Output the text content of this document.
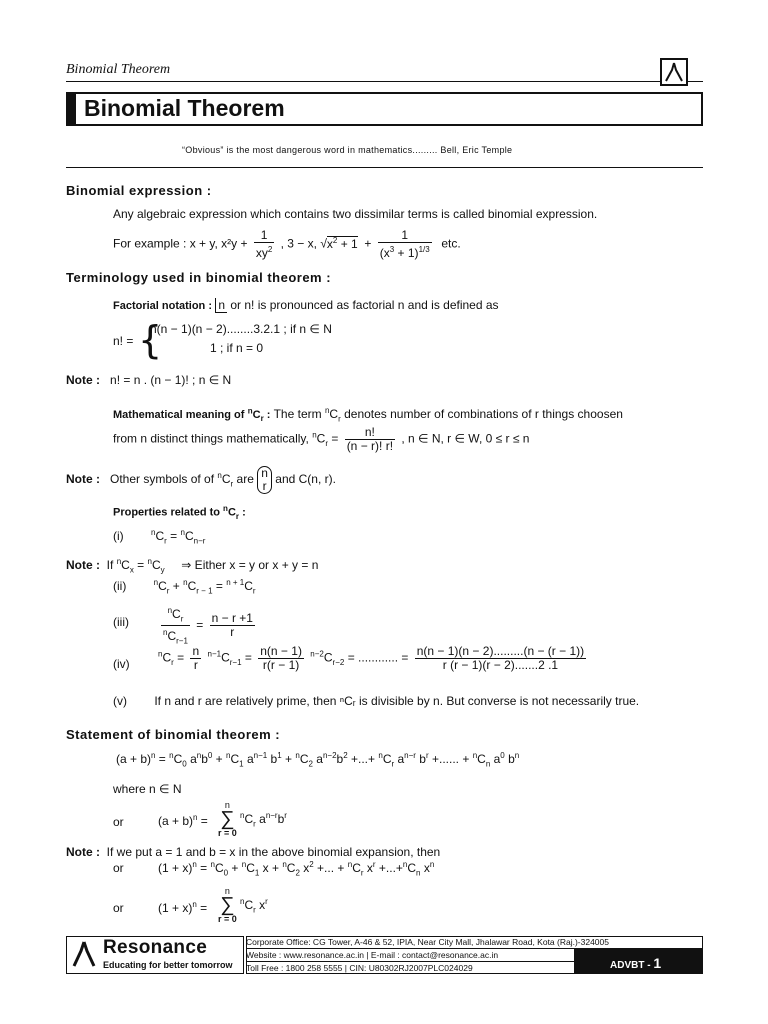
Binomial Theorem
Binomial Theorem
“Obvious” is the most dangerous word in mathematics......... Bell, Eric Temple
Binomial expression :
Any algebraic expression which contains two dissimilar terms is called binomial expression.
For example : x + y, $x^2y + \frac{1}{xy^2}$ , 3 − x, $√x^2 + 1 + \frac{1}{(x^3 + 1)^{1/3}}$ etc.
Terminology used in binomial theorem :
Factorial notation : n or n! is pronounced as factorial n and is defined as
n! = {
n(n − 1)(n − 2)........3.2.1 ; if n ∈ N
1 ; if n = 0
Note : n! = n . (n − 1)! ; n ∈ N
Mathematical meaning of $^nC_r$ : The term $^nC_r$ denotes number of combinations of r things choosen
from n distinct things mathematically, $^nC_r = \frac{n!}{(n - r)! r!}$ , n ∈ N, r ∈ W, 0 ≤ r ≤ n
Note : Other symbols of of $^nC_r$ are n
r and C(n, r).
Properties related to $^nC_r$ :
(i)	$^nC_r = ^nC_{n-r}$
Note : If $^nC_x = ^nC_y$ ⇒ Either x = y or x + y = n
(ii)	$^nC_r + ^nC_{r - 1} = ^{n + 1}C_r$
(iii)	$\frac{^nC_r}{^nC_{r-1}} = \frac{n - r +1}{r}$
(iv)
$^nC_r = \frac{n}{r} ^{n-1}C_{r-1} = \frac{n(n - 1)}{r(r - 1)} ^{n-2}C_{r-2}$ = ............ = $\frac{n(n - 1)(n - 2).........(n - (r - 1))}{r (r - 1)(r - 2).......2 .1}$
(v) If n and r are relatively prime, then ⁿCᵣ is divisible by n. But converse is not necessarily true.
Statement of binomial theorem :
$(a + b)^n = ^nC_0$ $a^nb^0 + ^nC_1$ $a^{n-1}$ $b^1 + ^nC_2$ $a^{n-2}b^2$ +...+ $^nC_r$ $a^{n-r}$ $b^r$ +...... + $^nC_n$ $a^0$ $b^n$
where n ∈ N
or	$(a + b)^n$ =
n
∑
r = 0
$^nC_r$ $a^{n-r}b^r$
Note : If we put a = 1 and b = x in the above binomial expansion, then
or	$(1 + x)^n = ^nC_0 + ^nC_1$ $x + ^nC_2$ $x^2$ +... + $^nC_r$ $x^r +...+^nC_n$ $x^n$
or	$(1 + x)^n$ =
n
∑
r = 0
$^nC_r$ $x^r$
Resonance
Educating for better tomorrow
Corporate Office: CG Tower, A-46 & 52, IPIA, Near City Mall, Jhalawar Road, Kota (Raj.)-324005
Website : www.resonance.ac.in | E-mail : contact@resonance.ac.in
Toll Free : 1800 258 5555 | CIN: U80302RJ2007PLC024029	ADVBT - 1
